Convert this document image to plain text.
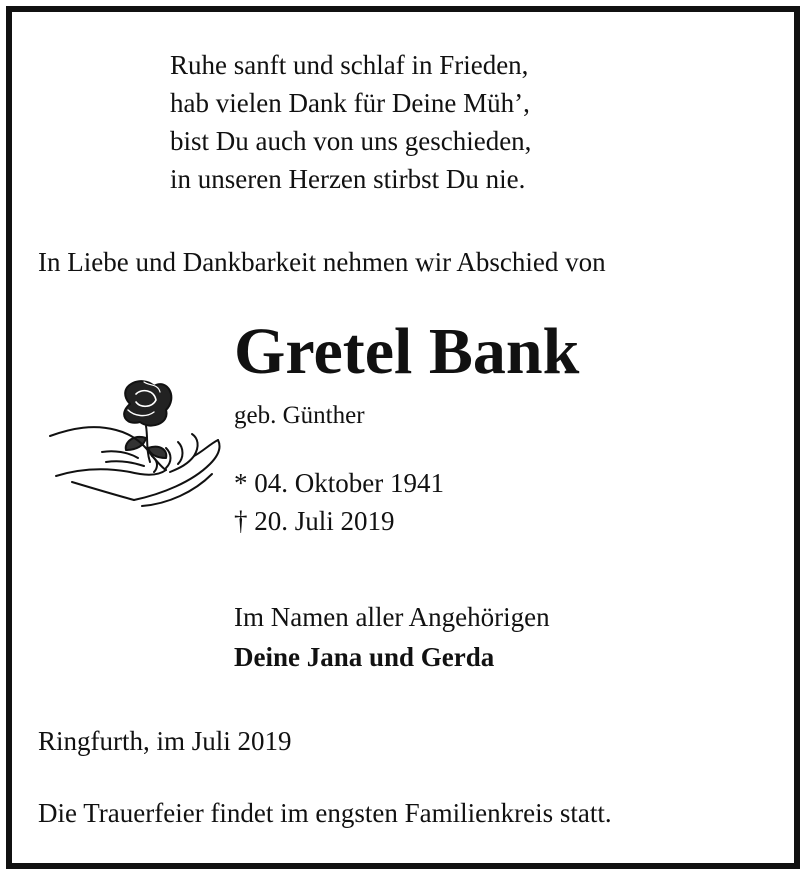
Ruhe sanft und schlaf in Frieden,
hab vielen Dank für Deine Müh’,
bist Du auch von uns geschieden,
in unseren Herzen stirbst Du nie.
In Liebe und Dankbarkeit nehmen wir Abschied von
Gretel Bank
geb. Günther
* 04. Oktober 1941
† 20. Juli 2019
Im Namen aller Angehörigen
Deine Jana und Gerda
Ringfurth, im Juli 2019
Die Trauerfeier findet im engsten Familienkreis statt.
